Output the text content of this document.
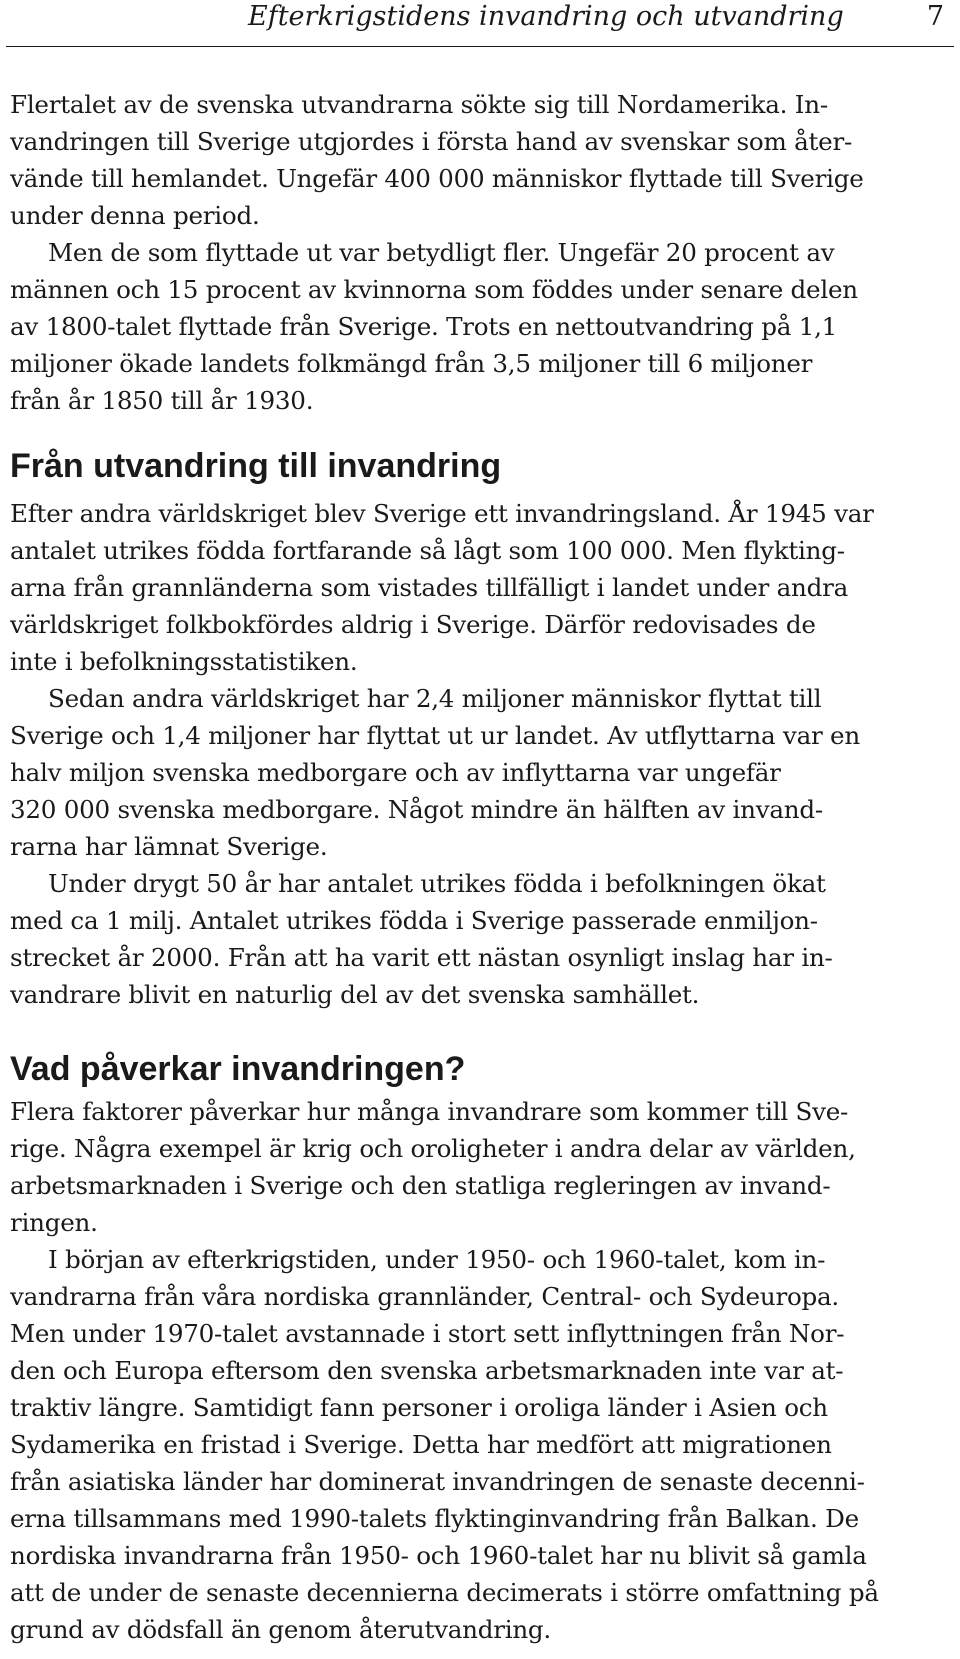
Efterkrigstidens invandring och utvandring	7

Flertalet av de svenska utvandrarna sökte sig till Nordamerika. In-
vandringen till Sverige utgjordes i första hand av svenskar som åter-
vände till hemlandet. Ungefär 400 000 människor flyttade till Sverige
under denna period.

Men de som flyttade ut var betydligt fler. Ungefär 20 procent av
männen och 15 procent av kvinnorna som föddes under senare delen
av 1800-talet flyttade från Sverige. Trots en nettoutvandring på 1,1
miljoner ökade landets folkmängd från 3,5 miljoner till 6 miljoner
från år 1850 till år 1930.

Från utvandring till invandring

Efter andra världskriget blev Sverige ett invandringsland. År 1945 var
antalet utrikes födda fortfarande så lågt som 100 000. Men flykting-
arna från grannländerna som vistades tillfälligt i landet under andra
världskriget folkbokfördes aldrig i Sverige. Därför redovisades de
inte i befolkningsstatistiken.

Sedan andra världskriget har 2,4 miljoner människor flyttat till
Sverige och 1,4 miljoner har flyttat ut ur landet. Av utflyttarna var en
halv miljon svenska medborgare och av inflyttarna var ungefär
320 000 svenska medborgare. Något mindre än hälften av invand-
rarna har lämnat Sverige.

Under drygt 50 år har antalet utrikes födda i befolkningen ökat
med ca 1 milj. Antalet utrikes födda i Sverige passerade enmiljon-
strecket år 2000. Från att ha varit ett nästan osynligt inslag har in-
vandrare blivit en naturlig del av det svenska samhället.

Vad påverkar invandringen?

Flera faktorer påverkar hur många invandrare som kommer till Sve-
rige. Några exempel är krig och oroligheter i andra delar av världen,
arbetsmarknaden i Sverige och den statliga regleringen av invand-
ringen.

I början av efterkrigstiden, under 1950- och 1960-talet, kom in-
vandrarna från våra nordiska grannländer, Central- och Sydeuropa.
Men under 1970-talet avstannade i stort sett inflyttningen från Nor-
den och Europa eftersom den svenska arbetsmarknaden inte var at-
traktiv längre. Samtidigt fann personer i oroliga länder i Asien och
Sydamerika en fristad i Sverige. Detta har medfört att migrationen
från asiatiska länder har dominerat invandringen de senaste decenni-
erna tillsammans med 1990-talets flyktinginvandring från Balkan. De
nordiska invandrarna från 1950- och 1960-talet har nu blivit så gamla
att de under de senaste decennierna decimerats i större omfattning på
grund av dödsfall än genom återutvandring.
